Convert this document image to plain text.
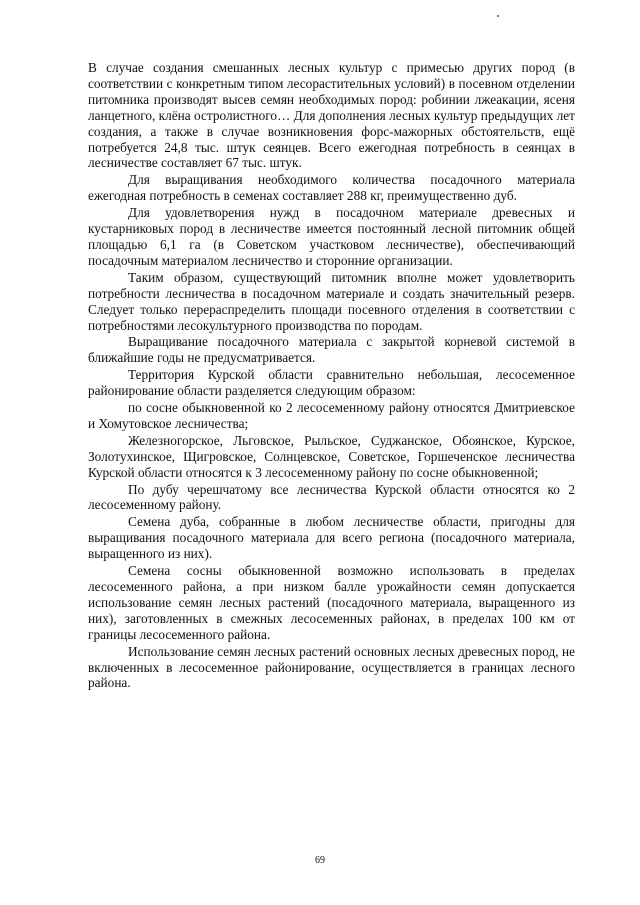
В случае создания смешанных лесных культур с примесью других пород (в соответствии с конкретным типом лесорастительных условий) в посевном отделении питомника производят высев семян необходимых пород: робинии лжеакации, ясеня ланцетного, клёна остролистного… Для дополнения лесных культур предыдущих лет создания, а также в случае возникновения форс-мажорных обстоятельств, ещё потребуется 24,8 тыс. штук сеянцев. Всего ежегодная потребность в сеянцах в лесничестве составляет 67 тыс. штук.

Для выращивания необходимого количества посадочного материала ежегодная потребность в семенах составляет 288 кг, преимущественно дуб.

Для удовлетворения нужд в посадочном материале древесных и кустарниковых пород в лесничестве имеется постоянный лесной питомник общей площадью 6,1 га (в Советском участковом лесничестве), обеспечивающий посадочным материалом лесничество и сторонние организации.

Таким образом, существующий питомник вполне может удовлетворить потребности лесничества в посадочном материале и создать значительный резерв. Следует только перераспределить площади посевного отделения в соответствии с потребностями лесокультурного производства по породам.

Выращивание посадочного материала с закрытой корневой системой в ближайшие годы не предусматривается.

Территория Курской области сравнительно небольшая, лесосеменное районирование области разделяется следующим образом:

по сосне обыкновенной ко 2 лесосеменному району относятся Дмитриевское и Хомутовское лесничества;

Железногорское, Льговское, Рыльское, Суджанское, Обоянское, Курское, Золотухинское, Щигровское, Солнцевское, Советское, Горшеченское лесничества Курской области относятся к 3 лесосеменному району по сосне обыкновенной;

По дубу черешчатому все лесничества Курской области относятся ко 2 лесосеменному району.

Семена дуба, собранные в любом лесничестве области, пригодны для выращивания посадочного материала для всего региона (посадочного материала, выращенного из них).

Семена сосны обыкновенной возможно использовать в пределах лесосеменного района, а при низком балле урожайности семян допускается использование семян лесных растений (посадочного материала, выращенного из них), заготовленных в смежных лесосеменных районах, в пределах 100 км от границы лесосеменного района.

Использование семян лесных растений основных лесных древесных пород, не включенных в лесосеменное районирование, осуществляется в границах лесного района.

69
